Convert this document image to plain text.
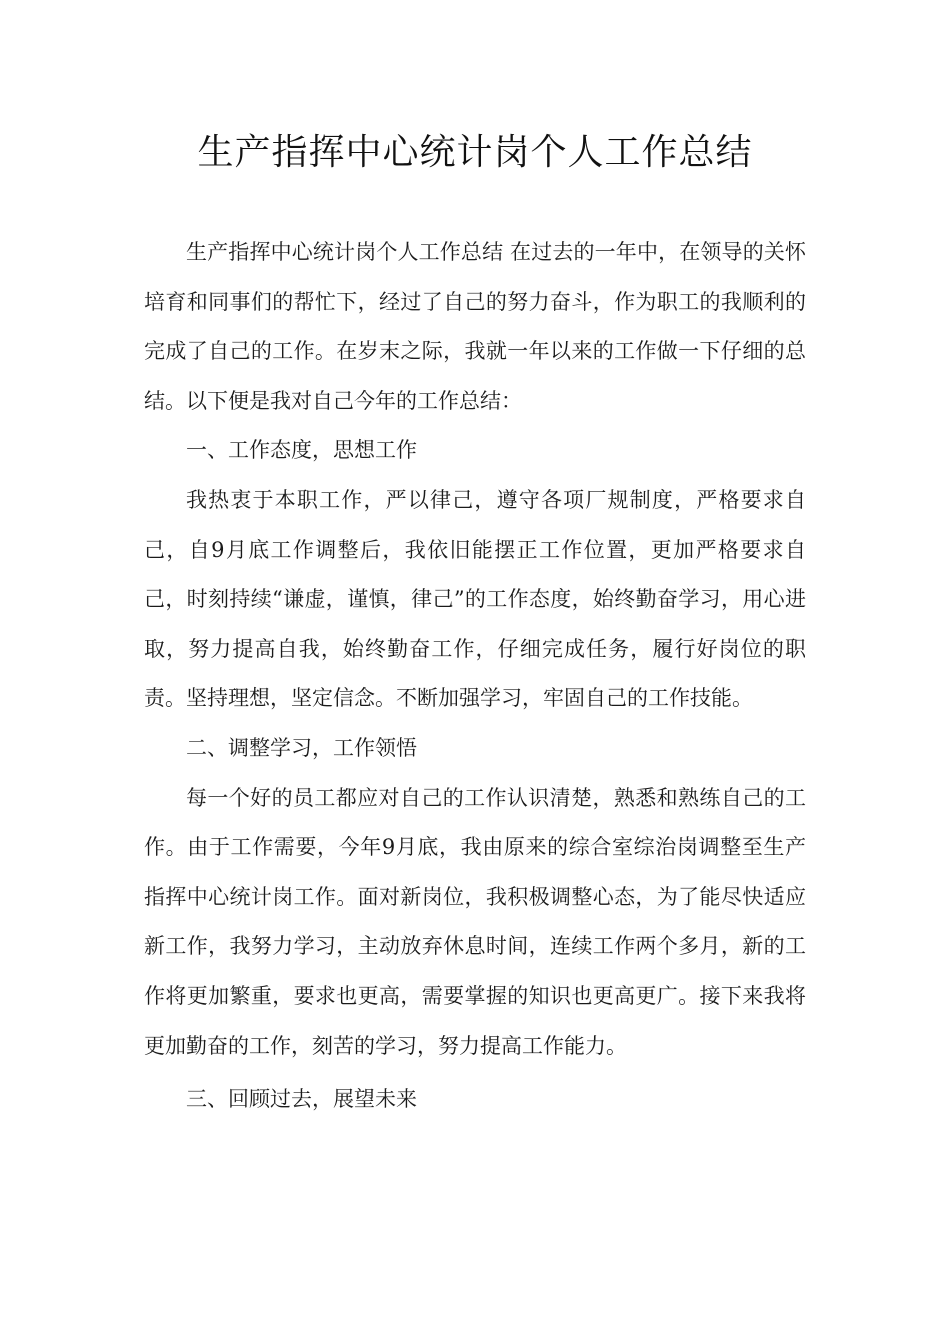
生产指挥中心统计岗个人工作总结

生产指挥中心统计岗个人工作总结 在过去的一年中，在领导的关怀培育和同事们的帮忙下，经过了自己的努力奋斗，作为职工的我顺利的完成了自己的工作。在岁末之际，我就一年以来的工作做一下仔细的总结。以下便是我对自己今年的工作总结：

一、工作态度，思想工作

我热衷于本职工作，严以律己，遵守各项厂规制度，严格要求自己，自9月底工作调整后，我依旧能摆正工作位置，更加严格要求自己，时刻持续“谦虚，谨慎，律己”的工作态度，始终勤奋学习，用心进取，努力提高自我，始终勤奋工作，仔细完成任务，履行好岗位的职责。坚持理想，坚定信念。不断加强学习，牢固自己的工作技能。

二、调整学习，工作领悟

每一个好的员工都应对自己的工作认识清楚，熟悉和熟练自己的工作。由于工作需要，今年9月底，我由原来的综合室综治岗调整至生产指挥中心统计岗工作。面对新岗位，我积极调整心态，为了能尽快适应新工作，我努力学习，主动放弃休息时间，连续工作两个多月，新的工作将更加繁重，要求也更高，需要掌握的知识也更高更广。接下来我将更加勤奋的工作，刻苦的学习，努力提高工作能力。

三、回顾过去，展望未来
